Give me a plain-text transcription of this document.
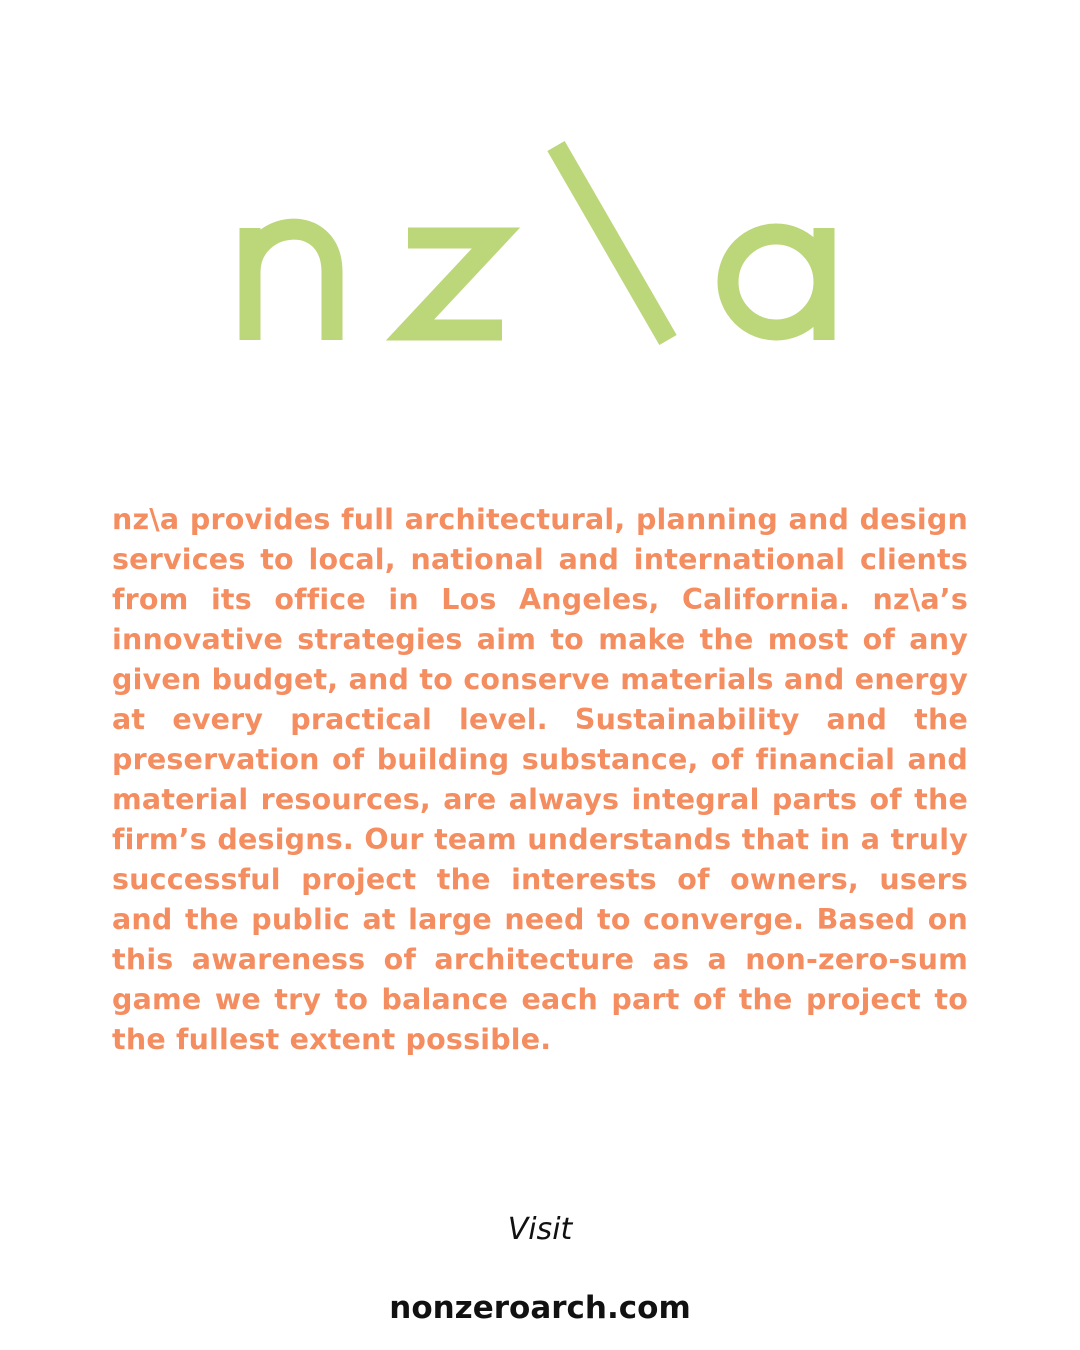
nz\a provides full architectural, planning and design services to local, national and international clients from its office in Los Angeles, California. nz\a’s innovative strategies aim to make the most of any given budget, and to conserve materials and energy at every practical level. Sustainability and the preservation of building substance, of financial and material resources, are always integral parts of the firm’s designs. Our team understands that in a truly successful project the interests of owners, users and the public at large need to converge. Based on this awareness of architecture as a non-zero-sum game we try to balance each part of the project to the fullest extent possible.

Visit

nonzeroarch.com
